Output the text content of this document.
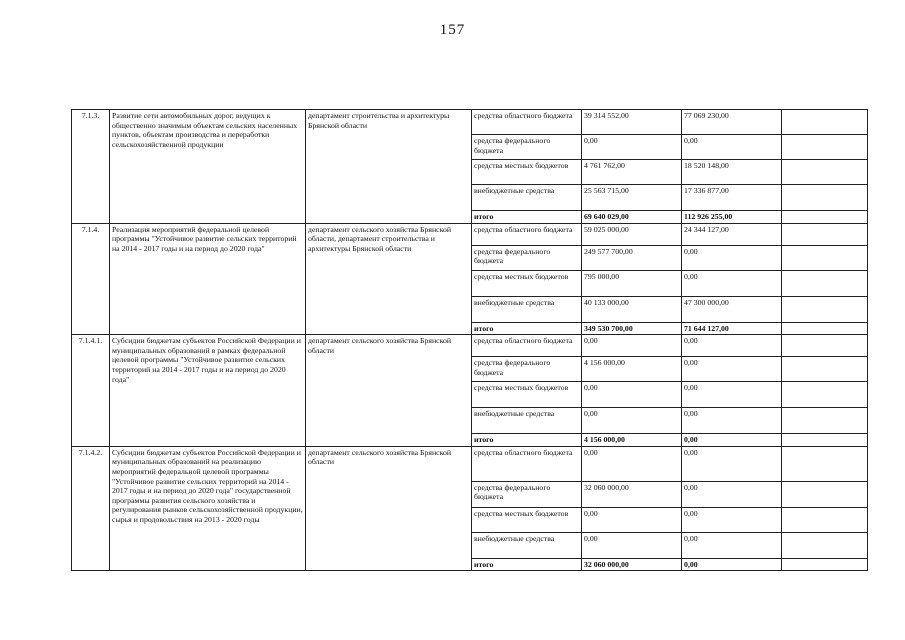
157
7.1.3.	Развитие сети автомобильных дорог, ведущих к общественно значимым объектам сельских населенных пунктов, объектам производства и переработки сельскохозяйственной продукции	департамент строительства и архитектуры Брянской области	средства областного бюджета	39 314 552,00	77 069 230,00	
			средства федерального бюджета	0,00	0,00	
			средства местных бюджетов	4 761 762,00	18 520 148,00	
			внебюджетные средства	25 563 715,00	17 336 877,00	
			итого	69 640 029,00	112 926 255,00	
7.1.4.	Реализация мероприятий федеральной целевой программы "Устойчивое развитие сельских территорий на 2014 - 2017 годы и на период до 2020 года"	департамент сельского хозяйства Брянской области, департамент строительства и архитектуры Брянской области	средства областного бюджета	59 025 000,00	24 344 127,00	
			средства федерального бюджета	249 577 700,00	0,00	
			средства местных бюджетов	795 000,00	0,00	
			внебюджетные средства	40 133 000,00	47 300 000,00	
			итого	349 530 700,00	71 644 127,00	
7.1.4.1.	Субсидии бюджетам субъектов Российской Федерации и муниципальных образований в рамках федеральной целевой программы "Устойчивое развитие сельских территорий на 2014 - 2017 годы и на период до 2020 года"	департамент сельского хозяйства Брянской области	средства областного бюджета	0,00	0,00	
			средства федерального бюджета	4 156 000,00	0,00	
			средства местных бюджетов	0,00	0,00	
			внебюджетные средства	0,00	0,00	
			итого	4 156 000,00	0,00	
7.1.4.2.	Субсидии бюджетам субъектов Российской Федерации и муниципальных образований на реализацию мероприятий федеральной целевой программы "Устойчивое развитие сельских территорий на 2014 - 2017 годы и на период до 2020 года" государственной программы развития сельского хозяйства и регулирования рынков сельскохозяйственной продукции, сырья и продовольствия на 2013 - 2020 годы	департамент сельского хозяйства Брянской области	средства областного бюджета	0,00	0,00	
			средства федерального бюджета	32 060 000,00	0,00	
			средства местных бюджетов	0,00	0,00	
			внебюджетные средства	0,00	0,00	
			итого	32 060 000,00	0,00	
